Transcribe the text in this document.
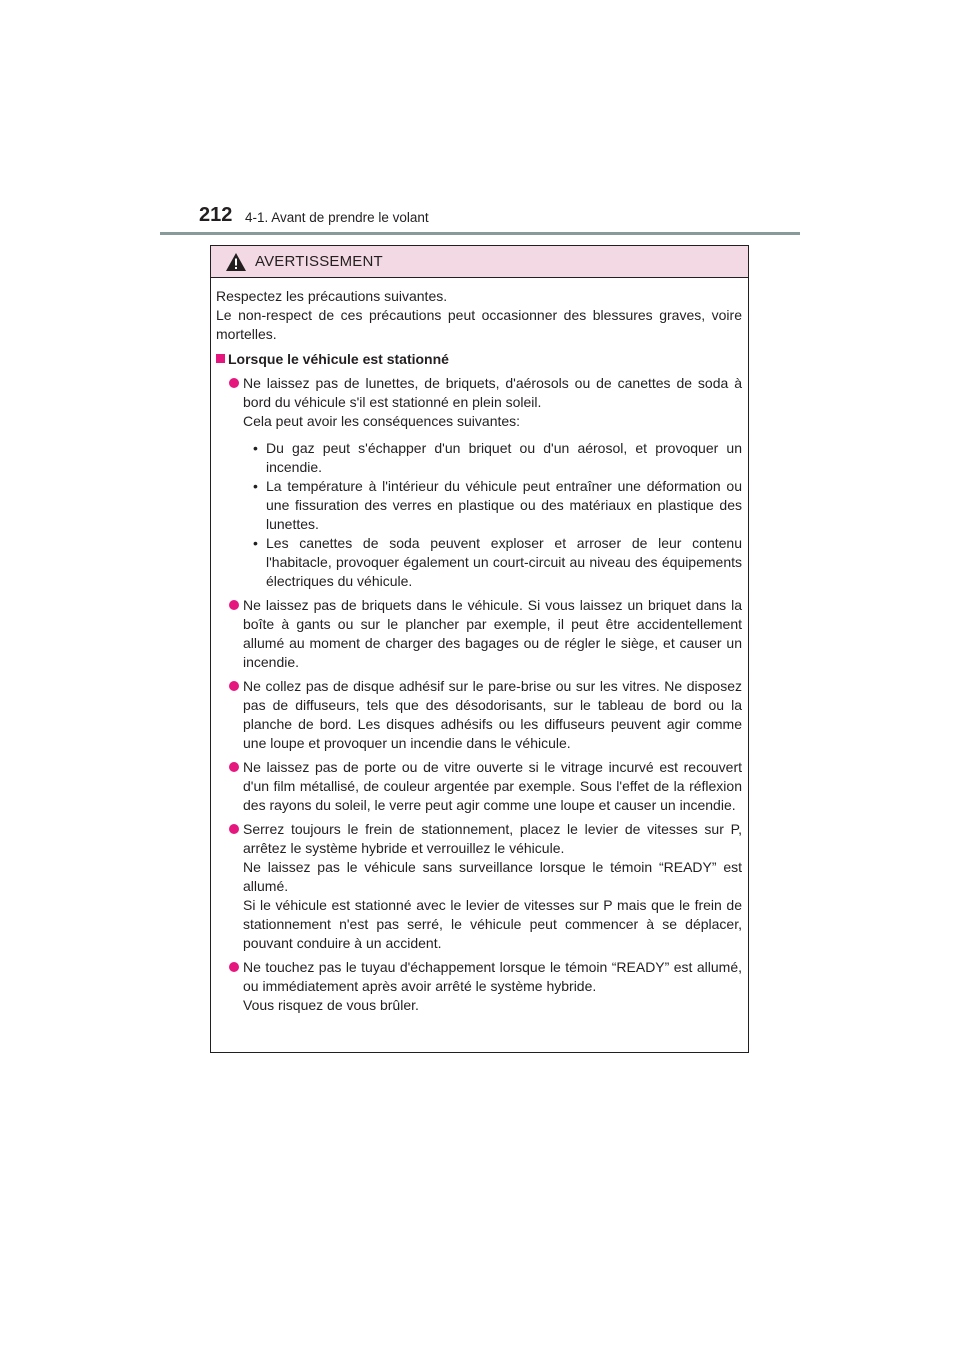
212 4-1. Avant de prendre le volant
AVERTISSEMENT

Respectez les précautions suivantes.
Le non-respect de ces précautions peut occasionner des blessures graves, voire mortelles.

Lorsque le véhicule est stationné

Ne laissez pas de lunettes, de briquets, d'aérosols ou de canettes de soda à bord du véhicule s'il est stationné en plein soleil.
Cela peut avoir les conséquences suivantes:
• Du gaz peut s'échapper d'un briquet ou d'un aérosol, et provoquer un incendie.
• La température à l'intérieur du véhicule peut entraîner une déformation ou une fissuration des verres en plastique ou des matériaux en plastique des lunettes.
• Les canettes de soda peuvent exploser et arroser de leur contenu l'habitacle, provoquer également un court-circuit au niveau des équipements électriques du véhicule.
Ne laissez pas de briquets dans le véhicule. Si vous laissez un briquet dans la boîte à gants ou sur le plancher par exemple, il peut être accidentellement allumé au moment de charger des bagages ou de régler le siège, et causer un incendie.
Ne collez pas de disque adhésif sur le pare-brise ou sur les vitres. Ne disposez pas de diffuseurs, tels que des désodorisants, sur le tableau de bord ou la planche de bord. Les disques adhésifs ou les diffuseurs peuvent agir comme une loupe et provoquer un incendie dans le véhicule.
Ne laissez pas de porte ou de vitre ouverte si le vitrage incurvé est recouvert d'un film métallisé, de couleur argentée par exemple. Sous l'effet de la réflexion des rayons du soleil, le verre peut agir comme une loupe et causer un incendie.
Serrez toujours le frein de stationnement, placez le levier de vitesses sur P, arrêtez le système hybride et verrouillez le véhicule.
Ne laissez pas le véhicule sans surveillance lorsque le témoin “READY” est allumé.
Si le véhicule est stationné avec le levier de vitesses sur P mais que le frein de stationnement n'est pas serré, le véhicule peut commencer à se déplacer, pouvant conduire à un accident.
Ne touchez pas le tuyau d'échappement lorsque le témoin “READY” est allumé, ou immédiatement après avoir arrêté le système hybride.
Vous risquez de vous brûler.
